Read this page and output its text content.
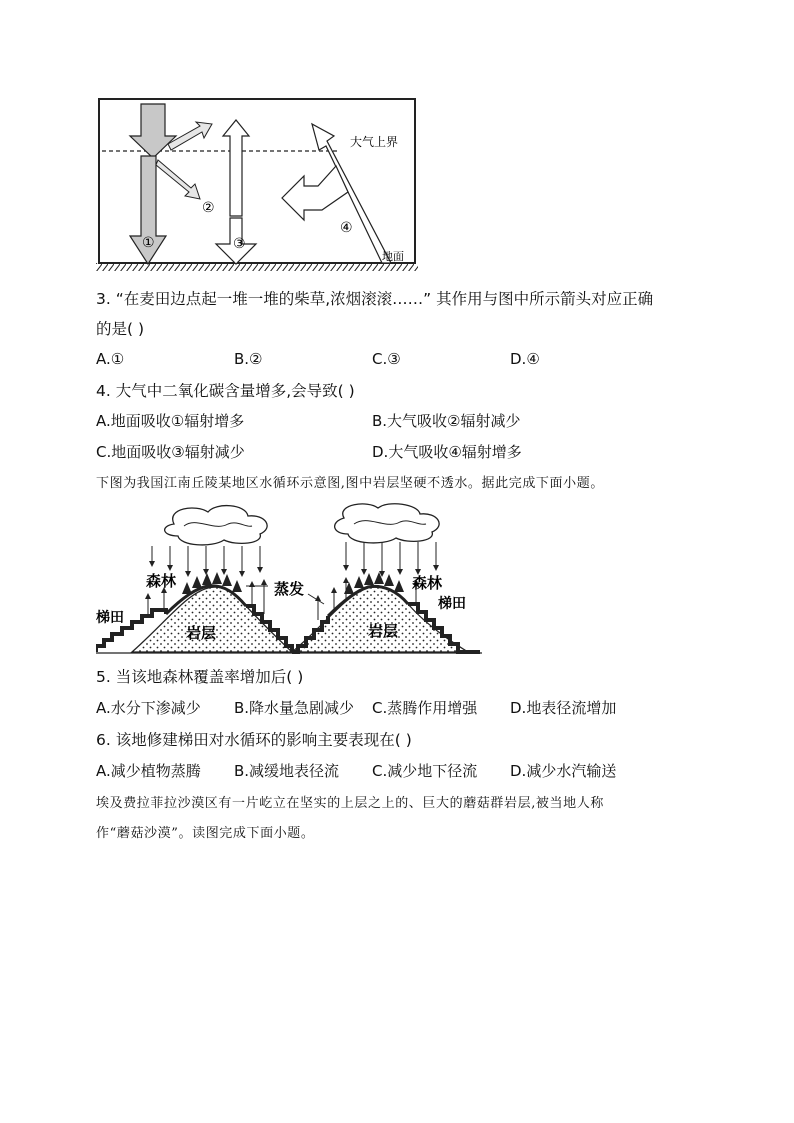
大气上界
地面
①
②
③
④
3. “在麦田边点起一堆一堆的柴草,浓烟滚滚……” 其作用与图中所示箭头对应正确
的是( )
A.①	B.②	C.③	D.④
4. 大气中二氧化碳含量增多,会导致( )
A.地面吸收①辐射增多	B.大气吸收②辐射减少
C.地面吸收③辐射减少	D.大气吸收④辐射增多
下图为我国江南丘陵某地区水循环示意图,图中岩层坚硬不透水。据此完成下面小题。
森林	森林
蒸发
梯田
梯田
岩层	岩层
5. 当该地森林覆盖率增加后( )
A.水分下渗减少 B.降水量急剧减少 C.蒸腾作用增强 D.地表径流增加
6. 该地修建梯田对水循环的影响主要表现在( )
A.减少植物蒸腾 B.减缓地表径流 C.减少地下径流 D.减少水汽输送
埃及费拉菲拉沙漠区有一片屹立在坚实的上层之上的、巨大的蘑菇群岩层,被当地人称
作“蘑菇沙漠”。读图完成下面小题。
